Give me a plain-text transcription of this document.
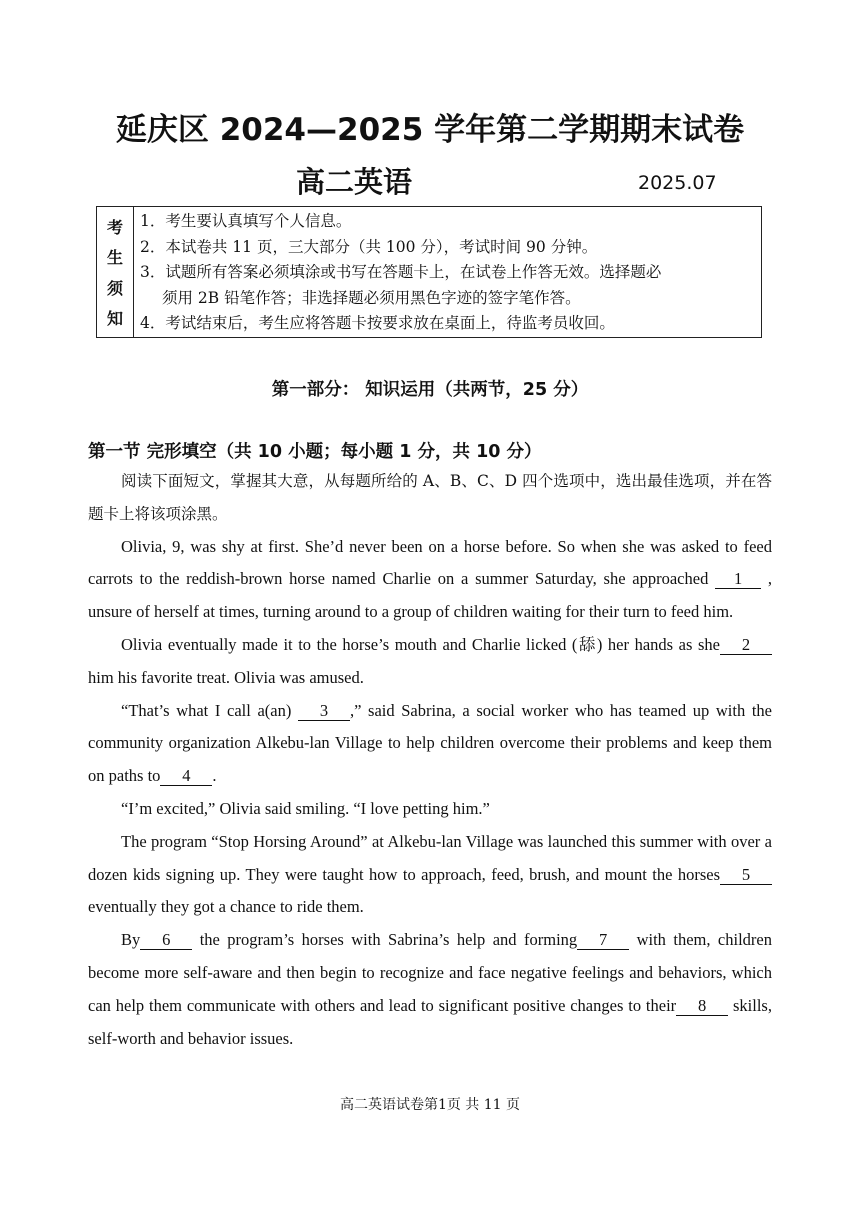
延庆区 2024—2025 学年第二学期期末试卷
高二英语	2025.07
考
生
须
知
1．考生要认真填写个人信息。
2．本试卷共 11 页，三大部分（共 100 分），考试时间 90 分钟。
3．试题所有答案必须填涂或书写在答题卡上，在试卷上作答无效。选择题必
须用 2B 铅笔作答；非选择题必须用黑色字迹的签字笔作答。
4．考试结束后，考生应将答题卡按要求放在桌面上，待监考员收回。
第一部分： 知识运用（共两节，25 分）
第一节 完形填空（共 10 小题；每小题 1 分，共 10 分）

阅读下面短文，掌握其大意，从每题所给的 A、B、C、D 四个选项中，选出最佳选项，并在答题卡上将该项涂黑。

Olivia, 9, was shy at first. She’d never been on a horse before. So when she was asked to feed carrots to the reddish-brown horse named Charlie on a summer Saturday, she approached 1 , unsure of herself at times, turning around to a group of children waiting for their turn to feed him.

Olivia eventually made it to the horse’s mouth and Charlie licked (舔) her hands as she 2 him his favorite treat. Olivia was amused.

“That’s what I call a(an) 3 ,” said Sabrina, a social worker who has teamed up with the community organization Alkebu-lan Village to help children overcome their problems and keep them on paths to 4 .

“I’m excited,” Olivia said smiling. “I love petting him.”

The program “Stop Horsing Around” at Alkebu-lan Village was launched this summer with over a dozen kids signing up. They were taught how to approach, feed, brush, and mount the horses 5 eventually they got a chance to ride them.

By 6 the program’s horses with Sabrina’s help and forming 7 with them, children become more self-aware and then begin to recognize and face negative feelings and behaviors, which can help them communicate with others and lead to significant positive changes to their 8 skills, self-worth and behavior issues.

高二英语试卷第1页 共 11 页
